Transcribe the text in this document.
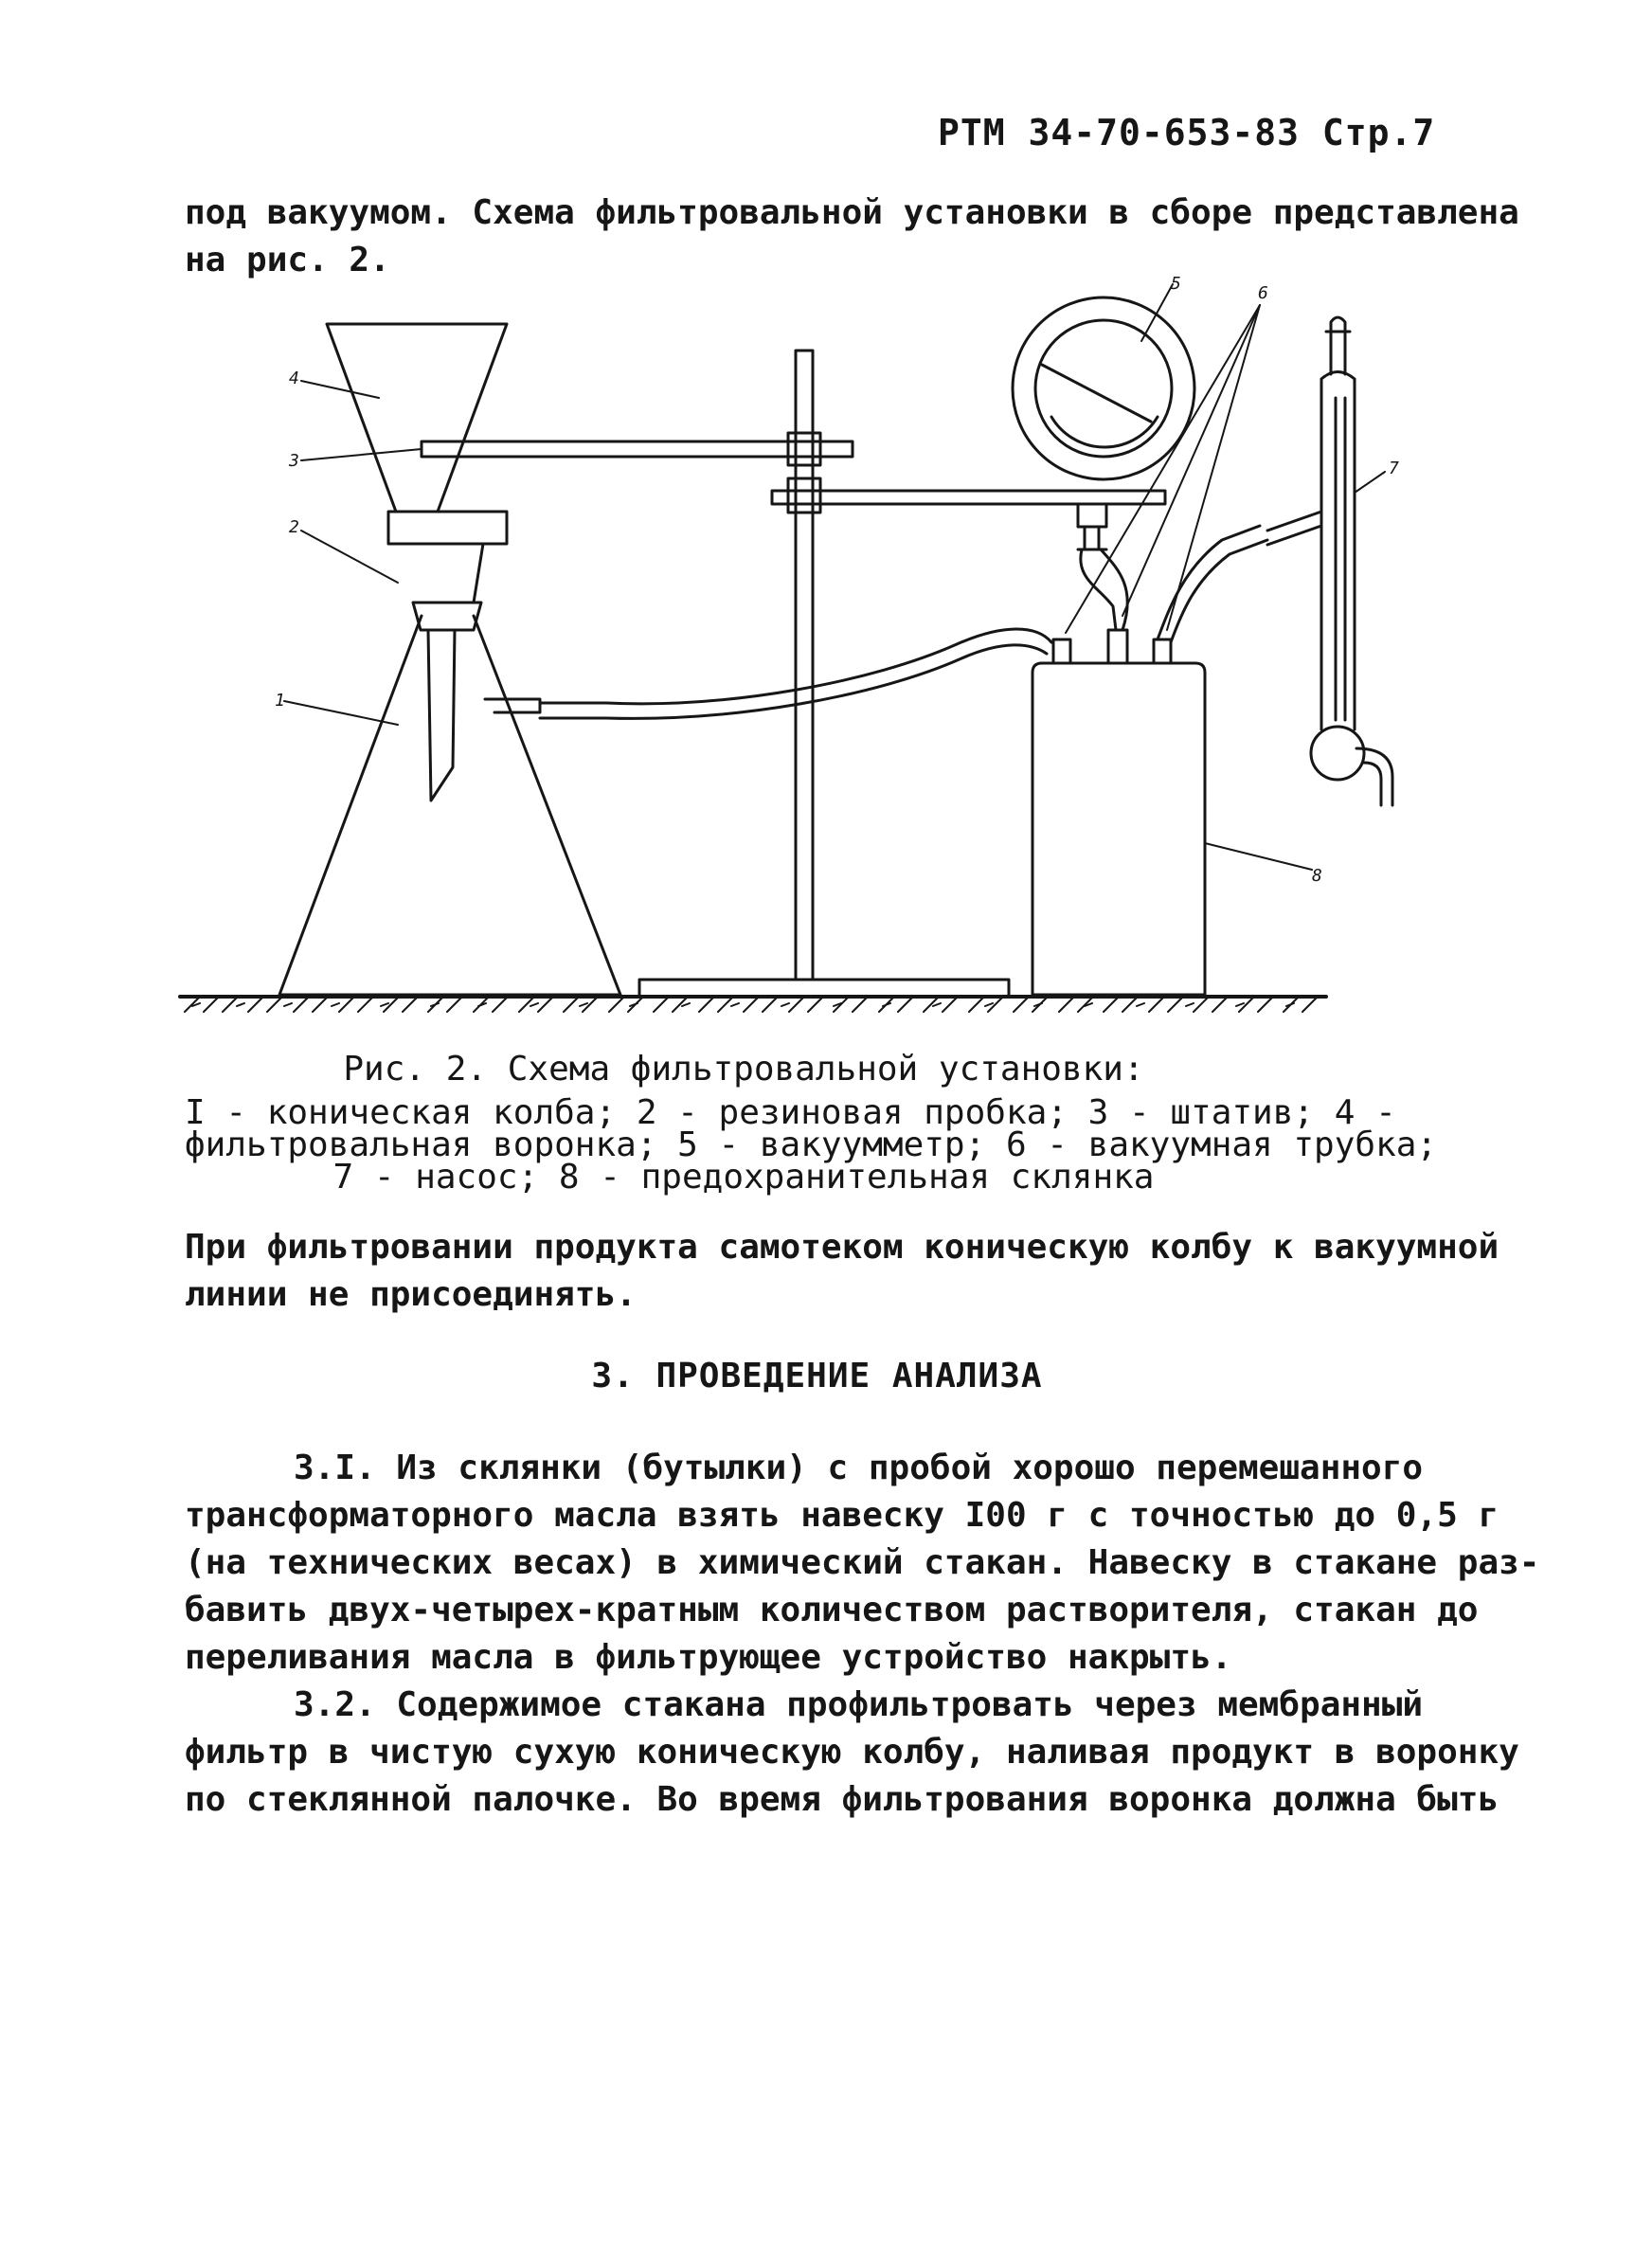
РТМ 34-70-653-83 Стр.7
под вакуумом. Схема фильтровальной установки в сборе представлена
на рис. 2.
4
3
2
1
5	6
7
8
Рис. 2. Схема фильтровальной установки:
I - коническая колба; 2 - резиновая пробка; 3 - штатив; 4 -
фильтровальная воронка; 5 - вакуумметр; 6 - вакуумная трубка;
7 - насос; 8 - предохранительная склянка
При фильтровании продукта самотеком коническую колбу к вакуумной
линии не присоединять.
3. ПРОВЕДЕНИЕ АНАЛИЗА
3.I. Из склянки (бутылки) с пробой хорошо перемешанного
трансформаторного масла взять навеску I00 г с точностью до 0,5 г
(на технических весах) в химический стакан. Навеску в стакане раз-
бавить двух-четырех-кратным количеством растворителя, стакан до
переливания масла в фильтрующее устройство накрыть.
3.2. Содержимое стакана профильтровать через мембранный
фильтр в чистую сухую коническую колбу, наливая продукт в воронку
по стеклянной палочке. Во время фильтрования воронка должна быть
